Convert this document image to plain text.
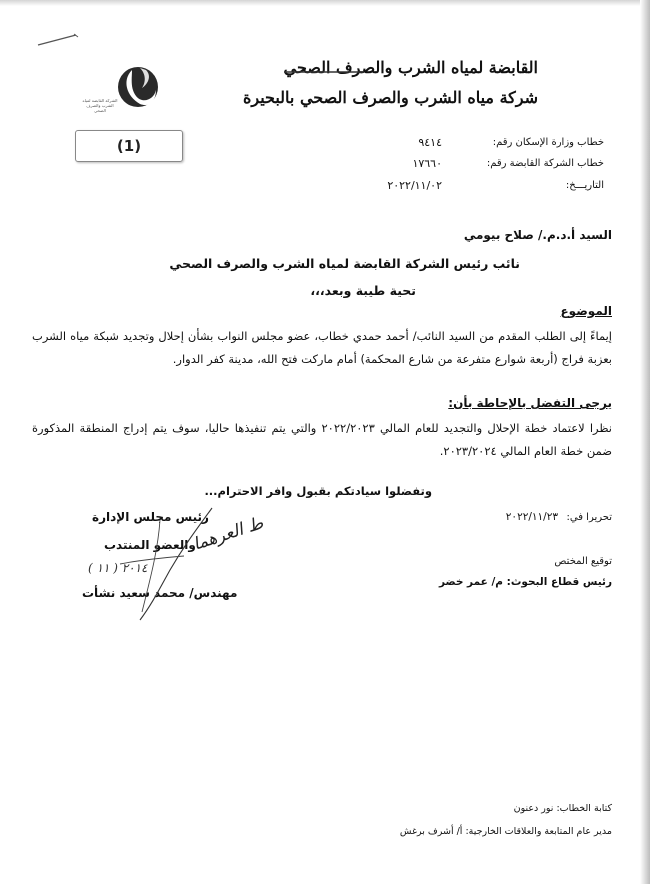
الشركة القابضة لمياه
الشرب والصرف الصحي
القابضة لمياه الشرب والصرف الصحي
شركة مياه الشرب والصرف الصحي بالبحيرة
(1)	خطاب وزارة الإسكان رقم:
٩٤١٤
خطاب الشركة القابضة رقم:
١٧٦٦٠
التاريـــخ:
٢٠٢٢/١١/٠٢
السيد أ.د.م./ صلاح بيومي
نائب رئيس الشركة القابضة لمياه الشرب والصرف الصحي
تحية طيبة وبعد،،،
الموضوع
إيماءً إلى الطلب المقدم من السيد النائب/ أحمد حمدي خطاب، عضو مجلس النواب بشأن إحلال وتجديد شبكة مياه الشرب بعزبة فراج (أربعة شوارع متفرعة من شارع المحكمة) أمام ماركت فتح الله، مدينة كفر الدوار.
يرجى التفضل بالإحاطة بأن:
نظرا لاعتماد خطة الإحلال والتجديد للعام المالي ٢٠٢٢/٢٠٢٣ والتي يتم تنفيذها حاليا، سوف يتم إدراج المنطقة المذكورة ضمن خطة العام المالي ٢٠٢٣/٢٠٢٤.
وتفضلوا سيادتكم بقبول وافر الاحترام...
تحريرا في:
٢٠٢٢/١١/٢٣
توقيع المختص
رئيس قطاع البحوث: م/ عمر خضر
رئيس مجلس الإدارة
والعضو المنتدب
مهندس/ محمد سعيد نشأت
ط العرهما
( ١١ ) ٢٠١٤
كتابة الخطاب: نور دعنون
مدير عام المتابعة والعلاقات الخارجية: أ/ أشرف برغش
